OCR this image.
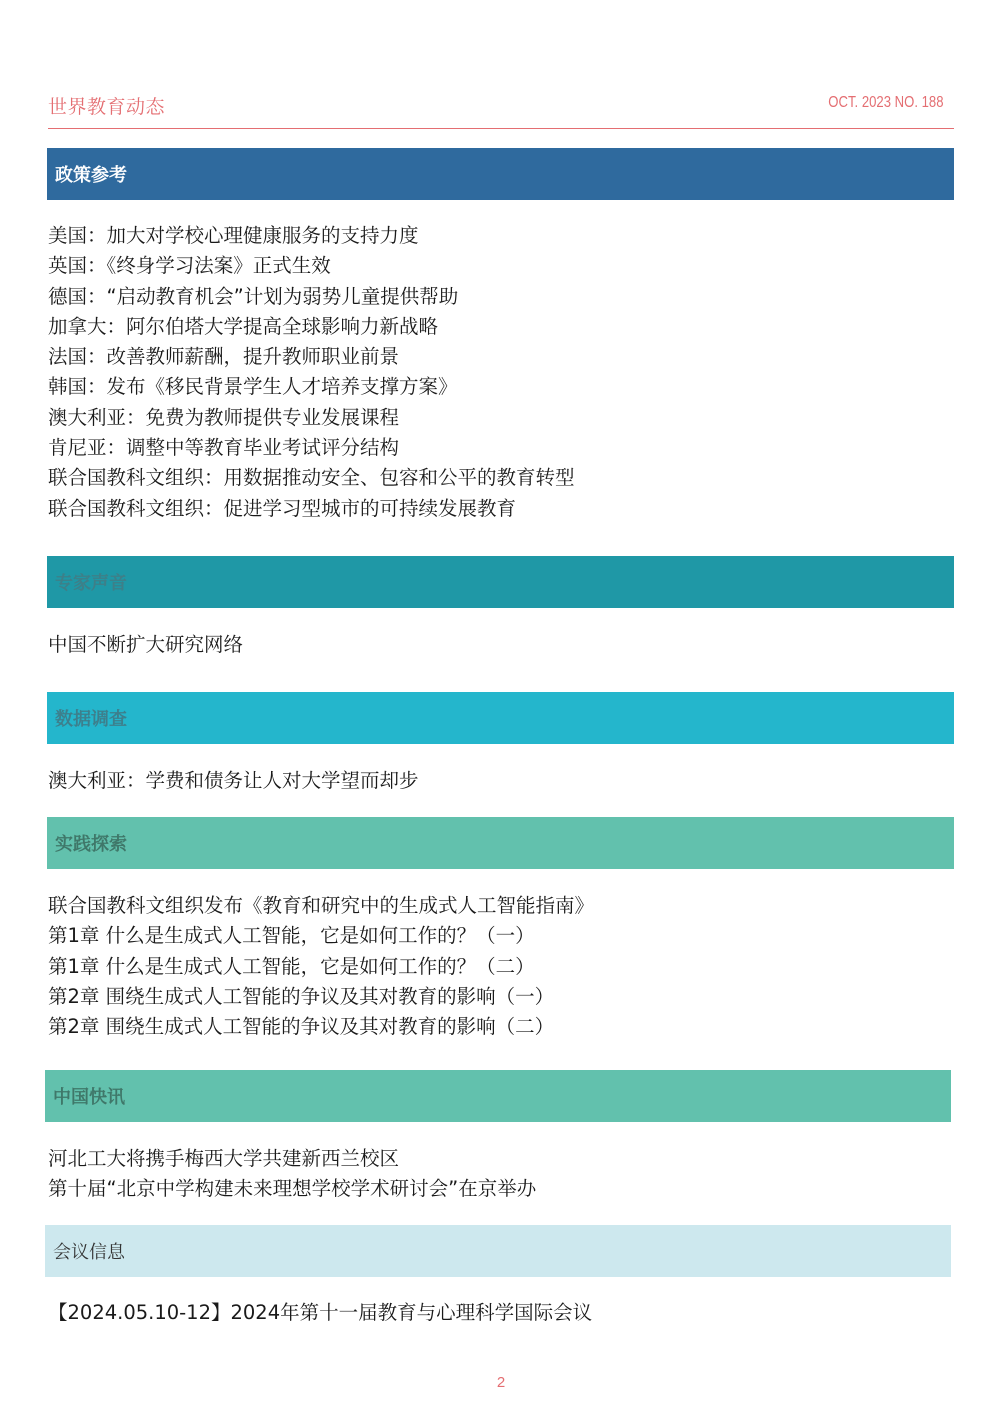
世界教育动态	OCT. 2023 NO. 188
政策参考
美国：加大对学校心理健康服务的支持力度
英国：《终身学习法案》正式生效
德国：“启动教育机会”计划为弱势儿童提供帮助
加拿大：阿尔伯塔大学提高全球影响力新战略
法国：改善教师薪酬，提升教师职业前景
韩国：发布《移民背景学生人才培养支撑方案》
澳大利亚：免费为教师提供专业发展课程
肯尼亚：调整中等教育毕业考试评分结构
联合国教科文组织：用数据推动安全、包容和公平的教育转型
联合国教科文组织：促进学习型城市的可持续发展教育
专家声音
中国不断扩大研究网络
数据调查
澳大利亚：学费和债务让人对大学望而却步
实践探索
联合国教科文组织发布《教育和研究中的生成式人工智能指南》
第1章 什么是生成式人工智能，它是如何工作的？（一）
第1章 什么是生成式人工智能，它是如何工作的？（二）
第2章 围绕生成式人工智能的争议及其对教育的影响（一）
第2章 围绕生成式人工智能的争议及其对教育的影响（二）
中国快讯
河北工大将携手梅西大学共建新西兰校区
第十届“北京中学构建未来理想学校学术研讨会”在京举办
会议信息
【2024.05.10-12】2024年第十一届教育与心理科学国际会议
2
